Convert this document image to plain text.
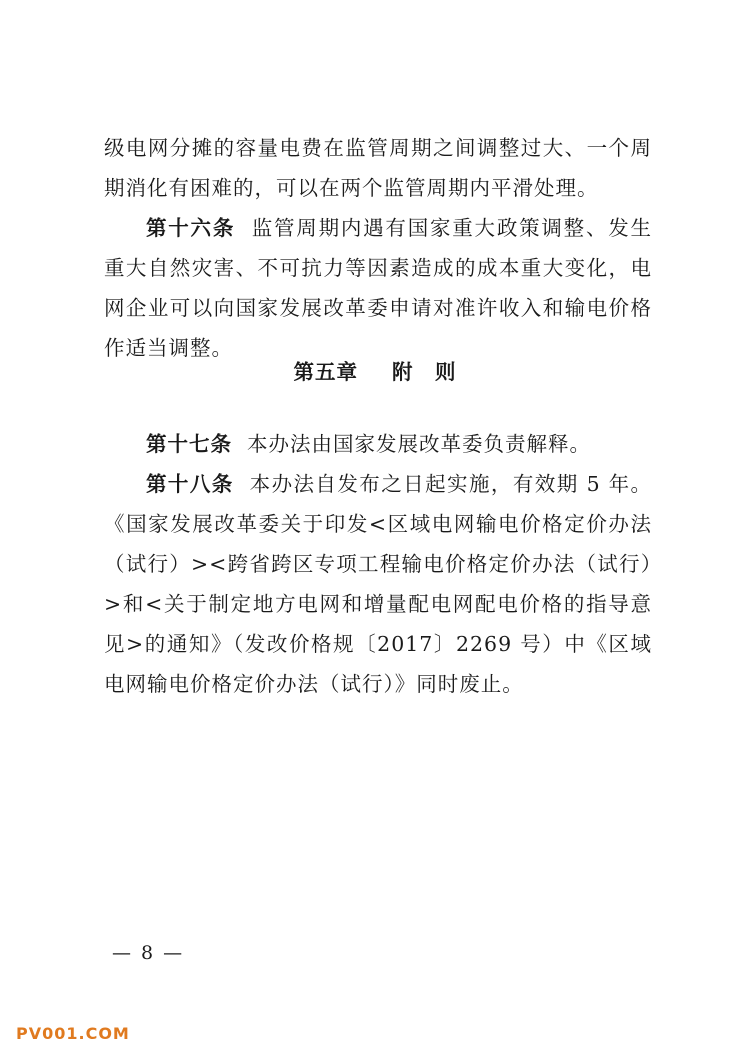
级电网分摊的容量电费在监管周期之间调整过大、一个周期消化有困难的，可以在两个监管周期内平滑处理。

第十六条 监管周期内遇有国家重大政策调整、发生重大自然灾害、不可抗力等因素造成的成本重大变化，电网企业可以向国家发展改革委申请对准许收入和输电价格作适当调整。

第五章 附　则

第十七条 本办法由国家发展改革委负责解释。

第十八条 本办法自发布之日起实施，有效期 5 年。《国家发展改革委关于印发<区域电网输电价格定价办法（试行）><跨省跨区专项工程输电价格定价办法（试行）>和<关于制定地方电网和增量配电网配电价格的指导意见>的通知》（发改价格规〔2017〕2269 号）中《区域电网输电价格定价办法（试行）》同时废止。

— 8 —
PV001.COM
